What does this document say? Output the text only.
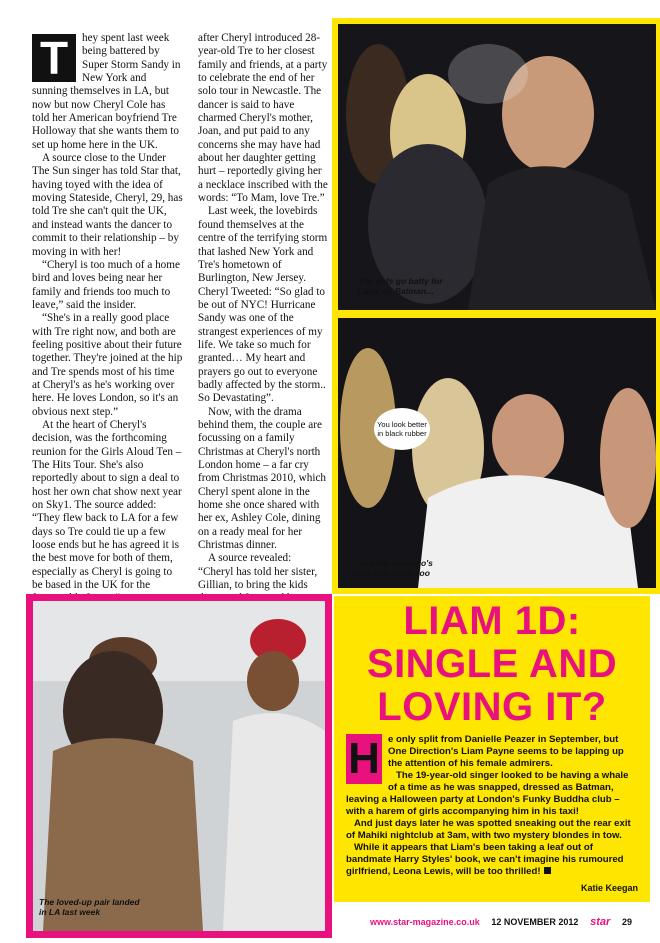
T	hey spent last week being battered by Super Storm Sandy in New York and sunning themselves in LA, but now but now Cheryl Cole has told her American boyfriend Tre Holloway that she wants them to set up home here in the UK.

A source close to the Under The Sun singer has told Star that, having toyed with the idea of moving Stateside, Cheryl, 29, has told Tre she can't quit the UK, and instead wants the dancer to commit to their relationship – by moving in with her!

“Cheryl is too much of a home bird and loves being near her family and friends too much to leave,” said the insider.

“She's in a really good place with Tre right now, and both are feeling positive about their future together. They're joined at the hip and Tre spends most of his time at Cheryl's as he's working over here. He loves London, so it's an obvious next step.”

At the heart of Cheryl's decision, was the forthcoming reunion for the Girls Aloud Ten – The Hits Tour. She's also reportedly about to sign a deal to host her own chat show next year on Sky1. The source added: “They flew back to LA for a few days so Tre could tie up a few loose ends but he has agreed it is the best move for both of them, especially as Cheryl is going to be based in the UK for the

after Cheryl introduced 28-year-old Tre to her closest family and friends, at a party to celebrate the end of her solo tour in Newcastle. The dancer is said to have charmed Cheryl's mother, Joan, and put paid to any concerns she may have had about her daughter getting hurt – reportedly giving her a necklace inscribed with the words: “To Mam, love Tre.”

Last week, the lovebirds found themselves at the centre of the terrifying storm that lashed New York and Tre's hometown of Burlington, New Jersey. Cheryl Tweeted: “So glad to be out of NYC! Hurricane Sandy was one of the strangest experiences of my life. We take so much for granted… My heart and prayers go out to everyone badly affected by the storm.. So Devastating”.

Now, with the drama behind them, the couple are focussing on a family Christmas at Cheryl's north London home – a far cry from Christmas 2010, which Cheryl spent alone in the home she once shared with her ex, Ashley Cole, dining on a ready meal for her Christmas dinner.

A source revealed: “Cheryl has told her sister, Gillian, to bring the kids

The girls go batty for Liam, er, Batman…
You look better in black rubber
…but his alter ego's obvs still got it, too
The loved-up pair landed in LA last week
LIAM 1D:
SINGLE AND
LOVING IT?
H e only split from Danielle Peazer in September, but One Direction's Liam Payne seems to be lapping up the attention of his female admirers.

The 19-year-old singer looked to be having a whale of a time as he was snapped, dressed as Batman, leaving a Halloween party at London's Funky Buddha club – with a harem of girls accompanying him in his taxi!

And just days later he was spotted sneaking out the rear exit of Mahiki nightclub at 3am, with two mystery blondes in tow.

While it appears that Liam's been taking a leaf out of bandmate Harry Styles' book, we can't imagine his rumoured girlfriend, Leona Lewis, will be too thrilled!

Katie Keegan
www.star-magazine.co.uk 12 NOVEMBER 2012 star 29
